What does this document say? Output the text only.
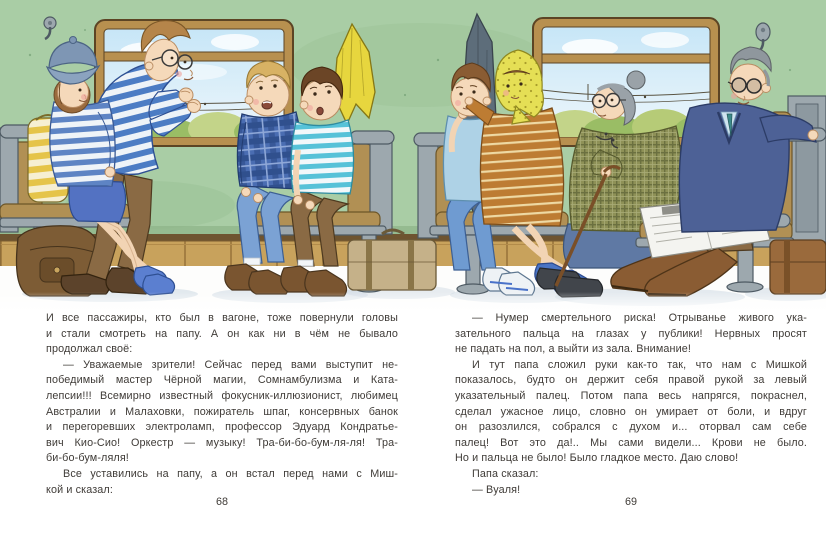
И все пассажиры, кто был в вагоне, тоже повернули головы
и стали смотреть на папу. А он как ни в чём не бывало
продолжал своё:
— Уважаемые зрители! Сейчас перед вами выступит не-
победимый мастер Чёрной магии, Сомнамбулизма и Ката-
лепсии!!! Всемирно известный фокусник-иллюзионист, любимец
Австралии и Малаховки, пожиратель шпаг, консервных банок
и перегоревших электроламп, профессор Эдуард Кондратье-
вич Кио-Сио! Оркестр — музыку! Тра-би-бо-бум-ля-ля! Тра-
би-бо-бум-ляля!
Все уставились на папу, а он встал перед нами с Миш-
кой и сказал:
68
— Нумер смертельного риска! Отрыванье живого ука-
зательного пальца на глазах у публики! Нервных просят
не падать на пол, а выйти из зала. Внимание!
И тут папа сложил руки как-то так, что нам с Мишкой
показалось, будто он держит себя правой рукой за левый
указательный палец. Потом папа весь напрягся, покраснел,
сделал ужасное лицо, словно он умирает от боли, и вдруг
он разозлился, собрался с духом и... оторвал сам себе
палец! Вот это да!.. Мы сами видели... Крови не было.
Но и пальца не было! Было гладкое место. Даю слово!
Папа сказал:
— Вуаля!
69
